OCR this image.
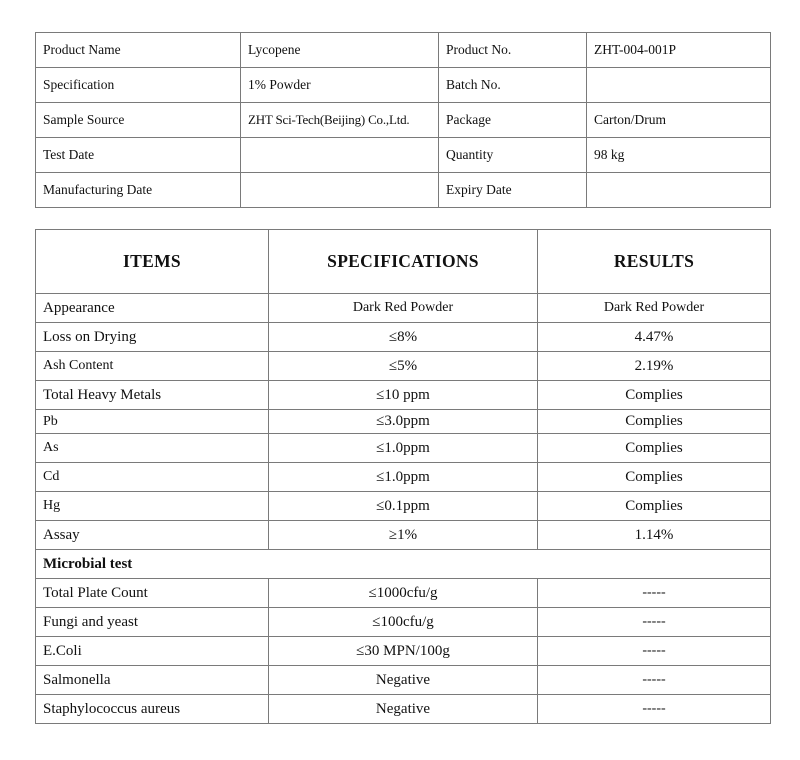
Product Name	Lycopene	Product No.	ZHT-004-001P
Specification	1% Powder	Batch No.	
Sample Source	ZHT Sci-Tech(Beijing) Co.,Ltd.	Package	Carton/Drum
Test Date		Quantity	98 kg
Manufacturing Date		Expiry Date	
ITEMS	SPECIFICATIONS	RESULTS
Appearance	Dark Red Powder	Dark Red Powder
Loss on Drying	≤8%	4.47%
Ash Content	≤5%	2.19%
Total Heavy Metals	≤10 ppm	Complies
Pb	≤3.0ppm	Complies
As	≤1.0ppm	Complies
Cd	≤1.0ppm	Complies
Hg	≤0.1ppm	Complies
Assay	≥1%	1.14%
Microbial test		
Total Plate Count	≤1000cfu/g	-----
Fungi and yeast	≤100cfu/g	-----
E.Coli	≤30 MPN/100g	-----
Salmonella	Negative	-----
Staphylococcus aureus	Negative	-----
